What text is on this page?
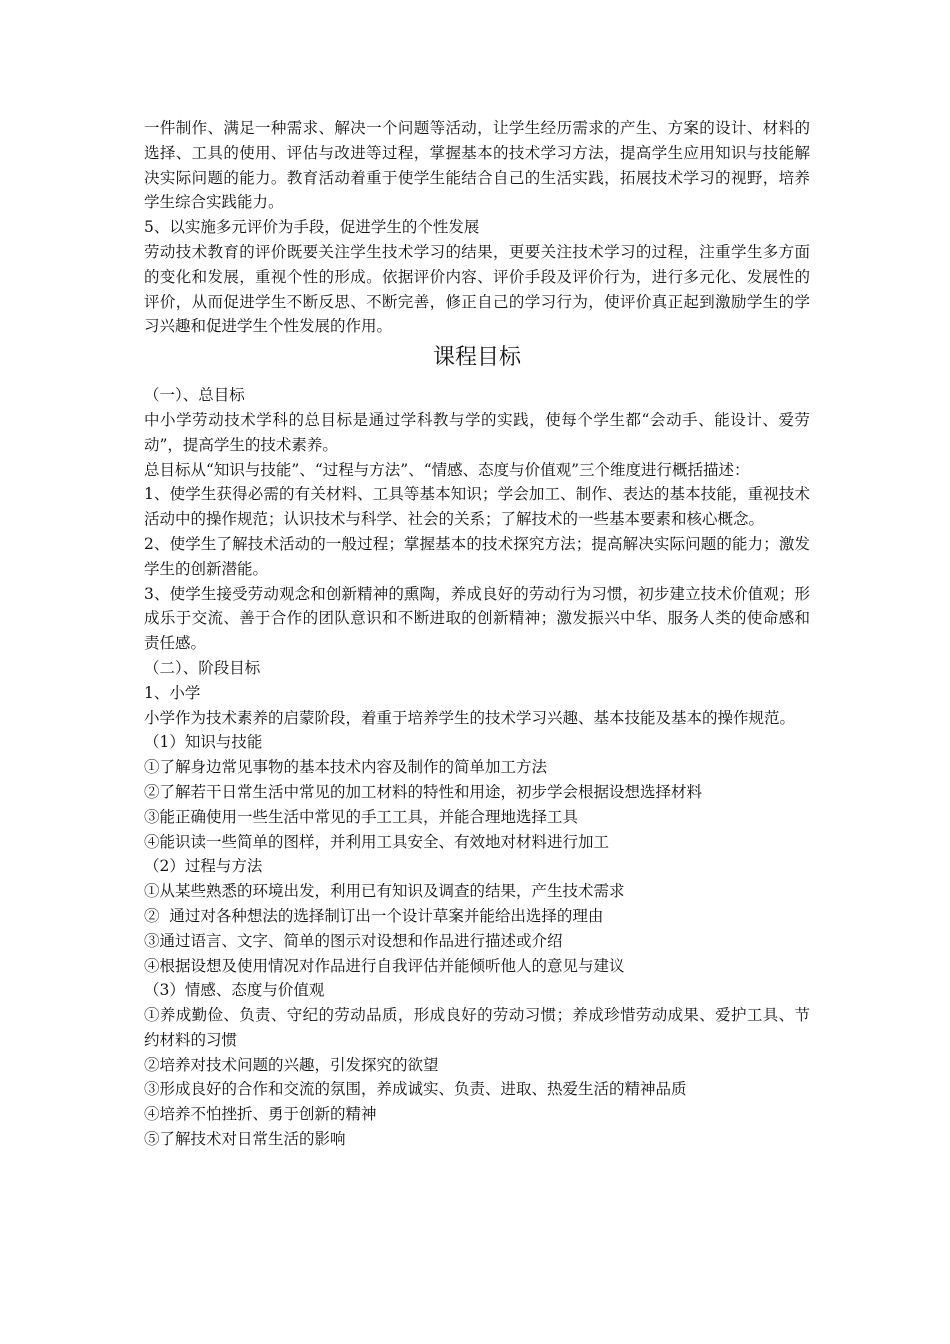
一件制作、满足一种需求、解决一个问题等活动，让学生经历需求的产生、方案的设计、材料的选择、工具的使用、评估与改进等过程，掌握基本的技术学习方法，提高学生应用知识与技能解决实际问题的能力。教育活动着重于使学生能结合自己的生活实践，拓展技术学习的视野，培养学生综合实践能力。

5、以实施多元评价为手段，促进学生的个性发展

劳动技术教育的评价既要关注学生技术学习的结果，更要关注技术学习的过程，注重学生多方面的变化和发展，重视个性的形成。依据评价内容、评价手段及评价行为，进行多元化、发展性的评价，从而促进学生不断反思、不断完善，修正自己的学习行为，使评价真正起到激励学生的学习兴趣和促进学生个性发展的作用。

课程目标

（一）、总目标

中小学劳动技术学科的总目标是通过学科教与学的实践，使每个学生都“会动手、能设计、爱劳动”，提高学生的技术素养。

总目标从“知识与技能”、“过程与方法”、“情感、态度与价值观”三个维度进行概括描述：

1、使学生获得必需的有关材料、工具等基本知识；学会加工、制作、表达的基本技能，重视技术活动中的操作规范；认识技术与科学、社会的关系；了解技术的一些基本要素和核心概念。

2、使学生了解技术活动的一般过程；掌握基本的技术探究方法；提高解决实际问题的能力；激发学生的创新潜能。

3、使学生接受劳动观念和创新精神的熏陶，养成良好的劳动行为习惯，初步建立技术价值观；形成乐于交流、善于合作的团队意识和不断进取的创新精神；激发振兴中华、服务人类的使命感和责任感。

（二）、阶段目标

1、小学

小学作为技术素养的启蒙阶段，着重于培养学生的技术学习兴趣、基本技能及基本的操作规范。

（1）知识与技能

①了解身边常见事物的基本技术内容及制作的简单加工方法

②了解若干日常生活中常见的加工材料的特性和用途，初步学会根据设想选择材料

③能正确使用一些生活中常见的手工工具，并能合理地选择工具

④能识读一些简单的图样，并利用工具安全、有效地对材料进行加工

（2）过程与方法

①从某些熟悉的环境出发，利用已有知识及调查的结果，产生技术需求

②  通过对各种想法的选择制订出一个设计草案并能给出选择的理由

③通过语言、文字、简单的图示对设想和作品进行描述或介绍

④根据设想及使用情况对作品进行自我评估并能倾听他人的意见与建议

（3）情感、态度与价值观

①养成勤俭、负责、守纪的劳动品质，形成良好的劳动习惯；养成珍惜劳动成果、爱护工具、节约材料的习惯

②培养对技术问题的兴趣，引发探究的欲望

③形成良好的合作和交流的氛围，养成诚实、负责、进取、热爱生活的精神品质

④培养不怕挫折、勇于创新的精神

⑤了解技术对日常生活的影响
